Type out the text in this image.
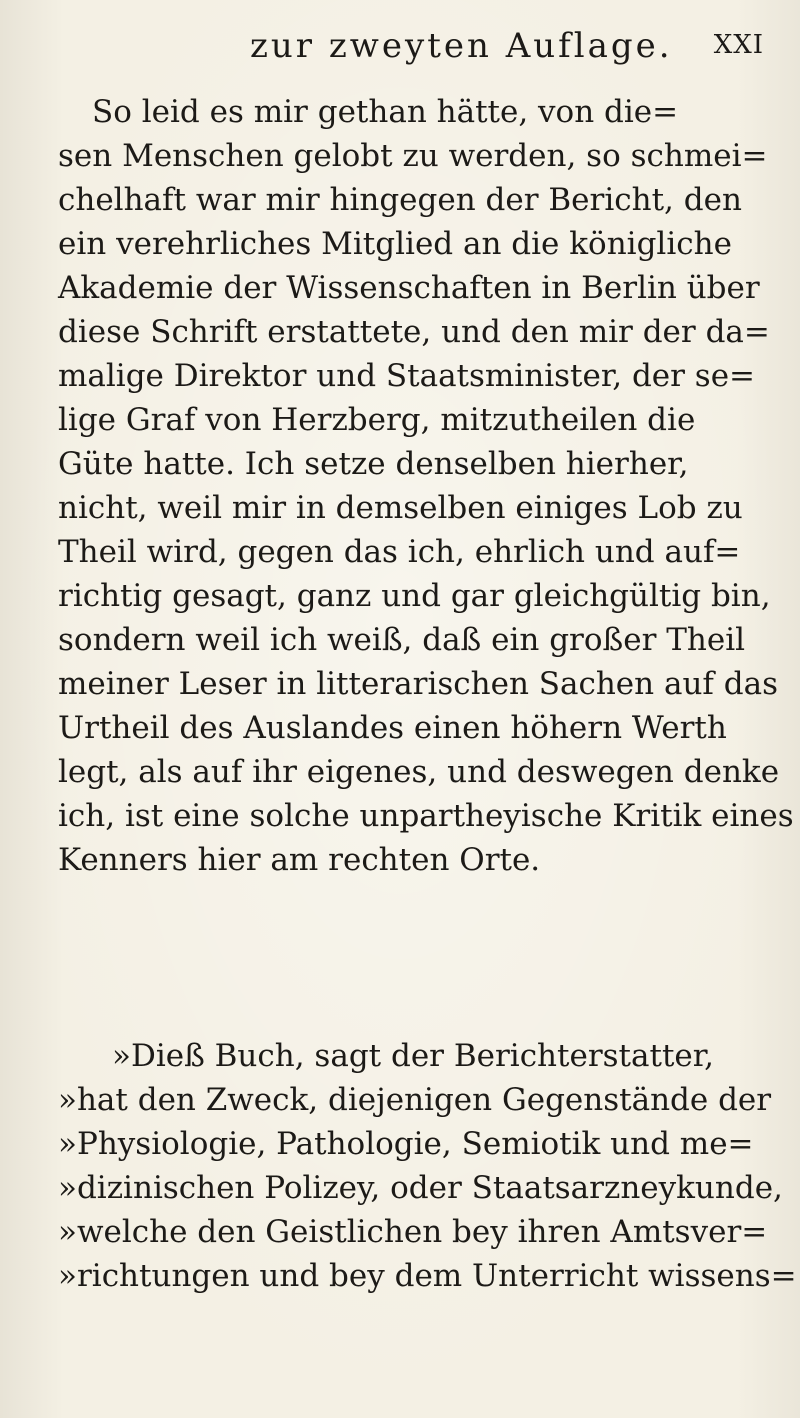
zur zweyten Auflage. XXI
So leid es mir gethan hätte, von die=
sen Menschen gelobt zu werden, so schmei=
chelhaft war mir hingegen der Bericht, den
ein verehrliches Mitglied an die königliche
Akademie der Wissenschaften in Berlin über
diese Schrift erstattete, und den mir der da=
malige Direktor und Staatsminister, der se=
lige Graf von Herzberg, mitzutheilen die
Güte hatte. Ich setze denselben hierher,
nicht, weil mir in demselben einiges Lob zu
Theil wird, gegen das ich, ehrlich und auf=
richtig gesagt, ganz und gar gleichgültig bin,
sondern weil ich weiß, daß ein großer Theil
meiner Leser in litterarischen Sachen auf das
Urtheil des Auslandes einen höhern Werth
legt, als auf ihr eigenes, und deswegen denke
ich, ist eine solche unpartheyische Kritik eines
Kenners hier am rechten Orte.
»Dieß Buch, sagt der Berichterstatter,
»hat den Zweck, diejenigen Gegenstände der
»Physiologie, Pathologie, Semiotik und me=
»dizinischen Polizey, oder Staatsarzneykunde,
»welche den Geistlichen bey ihren Amtsver=
»richtungen und bey dem Unterricht wissens=
